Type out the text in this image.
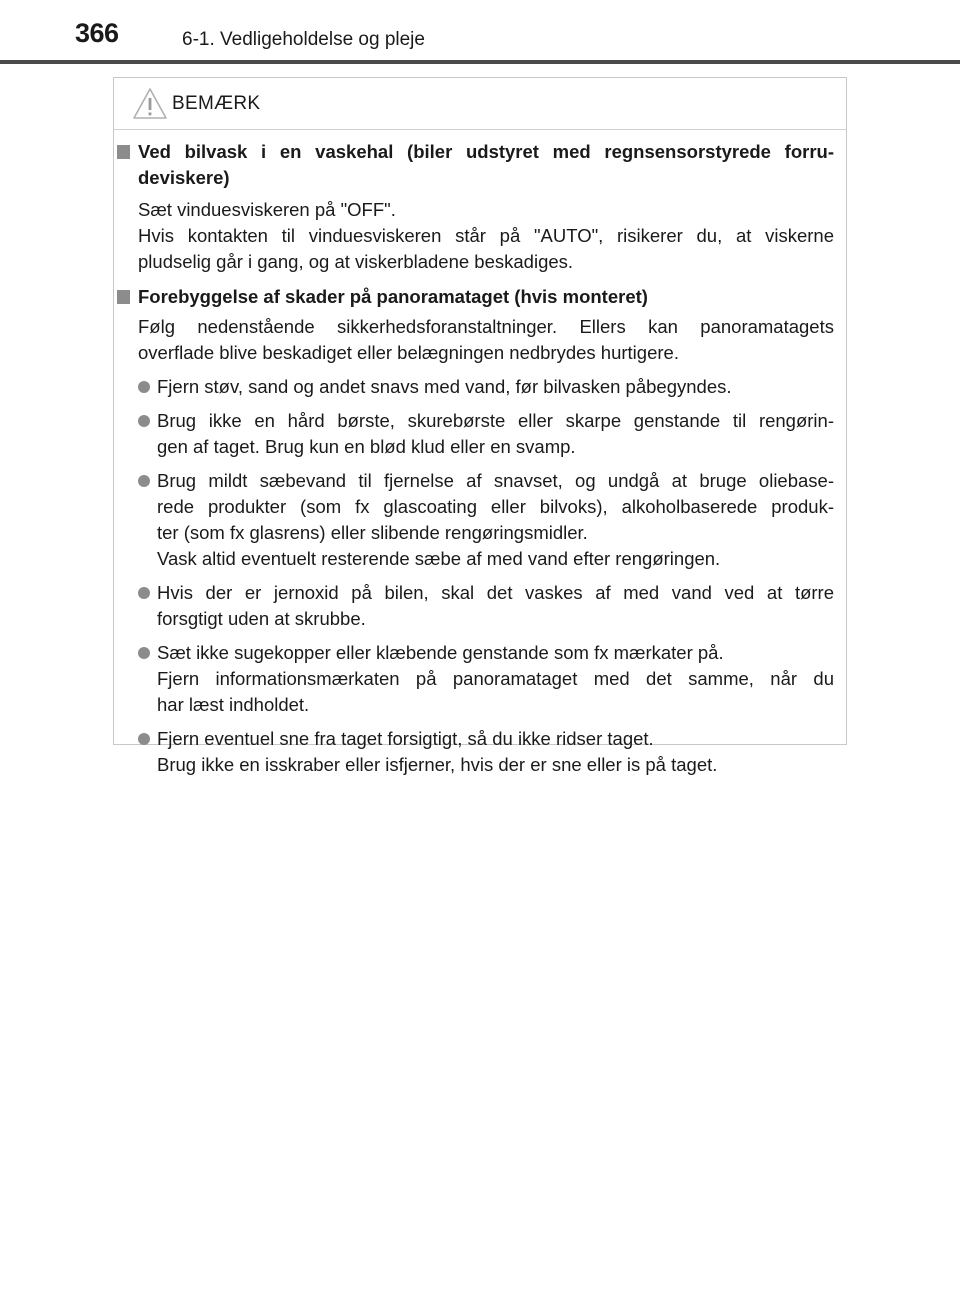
366	6-1. Vedligeholdelse og pleje
BEMÆRK
Ved bilvask i en vaskehal (biler udstyret med regnsensorstyrede forru-
deviskere)
Sæt vinduesviskeren på "OFF".
Hvis kontakten til vinduesviskeren står på "AUTO", risikerer du, at viskerne
pludselig går i gang, og at viskerbladene beskadiges.
Forebyggelse af skader på panoramataget (hvis monteret)
Følg nedenstående sikkerhedsforanstaltninger. Ellers kan panoramatagets
overflade blive beskadiget eller belægningen nedbrydes hurtigere.
Fjern støv, sand og andet snavs med vand, før bilvasken påbegyndes.
Brug ikke en hård børste, skurebørste eller skarpe genstande til rengørin-
gen af taget. Brug kun en blød klud eller en svamp.
Brug mildt sæbevand til fjernelse af snavset, og undgå at bruge oliebase-
rede produkter (som fx glascoating eller bilvoks), alkoholbaserede produk-
ter (som fx glasrens) eller slibende rengøringsmidler.
Vask altid eventuelt resterende sæbe af med vand efter rengøringen.
Hvis der er jernoxid på bilen, skal det vaskes af med vand ved at tørre
forsgtigt uden at skrubbe.
Sæt ikke sugekopper eller klæbende genstande som fx mærkater på.
Fjern informationsmærkaten på panoramataget med det samme, når du
har læst indholdet.
Fjern eventuel sne fra taget forsigtigt, så du ikke ridser taget.
Brug ikke en isskraber eller isfjerner, hvis der er sne eller is på taget.
